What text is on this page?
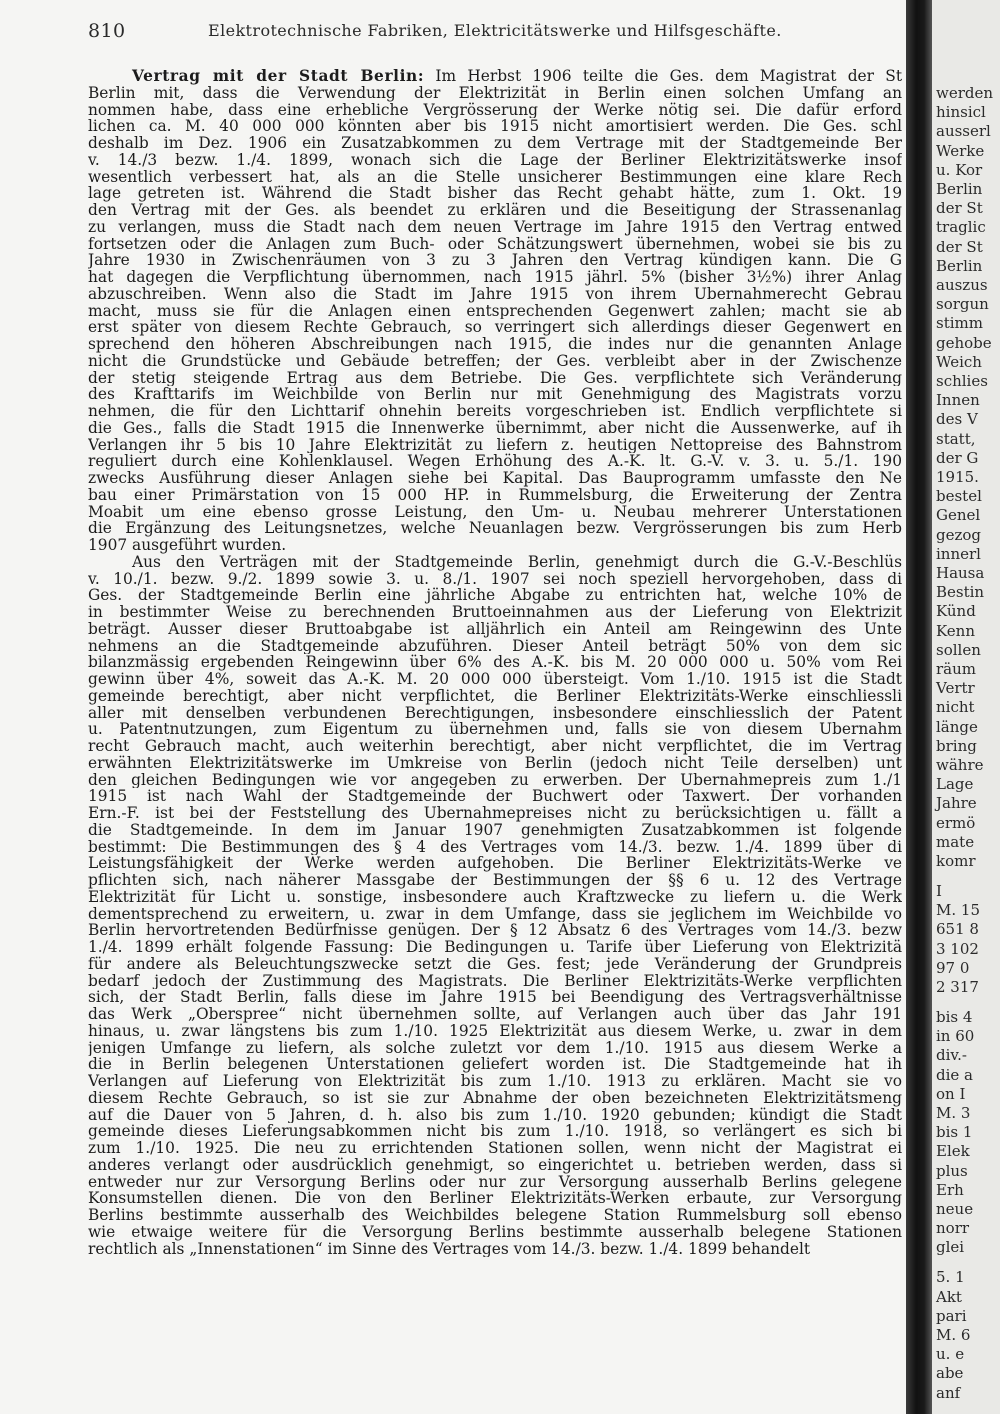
810	Elektrotechnische Fabriken, Elektricitätswerke und Hilfsgeschäfte.
Vertrag mit der Stadt Berlin: Im Herbst 1906 teilte die Ges. dem Magistrat der St
Berlin mit, dass die Verwendung der Elektrizität in Berlin einen solchen Umfang an
nommen habe, dass eine erhebliche Vergrösserung der Werke nötig sei. Die dafür erford
lichen ca. M. 40 000 000 könnten aber bis 1915 nicht amortisiert werden. Die Ges. schl
deshalb im Dez. 1906 ein Zusatzabkommen zu dem Vertrage mit der Stadtgemeinde Ber
v. 14./3 bezw. 1./4. 1899, wonach sich die Lage der Berliner Elektrizitätswerke insof
wesentlich verbessert hat, als an die Stelle unsicherer Bestimmungen eine klare Rech
lage getreten ist. Während die Stadt bisher das Recht gehabt hätte, zum 1. Okt. 19
den Vertrag mit der Ges. als beendet zu erklären und die Beseitigung der Strassenanlag
zu verlangen, muss die Stadt nach dem neuen Vertrage im Jahre 1915 den Vertrag entwed
fortsetzen oder die Anlagen zum Buch- oder Schätzungswert übernehmen, wobei sie bis zu
Jahre 1930 in Zwischenräumen von 3 zu 3 Jahren den Vertrag kündigen kann. Die G
hat dagegen die Verpflichtung übernommen, nach 1915 jährl. 5% (bisher 3½%) ihrer Anlag
abzuschreiben. Wenn also die Stadt im Jahre 1915 von ihrem Übernahmerecht Gebrau
macht, muss sie für die Anlagen einen entsprechenden Gegenwert zahlen; macht sie ab
erst später von diesem Rechte Gebrauch, so verringert sich allerdings dieser Gegenwert en
sprechend den höheren Abschreibungen nach 1915, die indes nur die genannten Anlage
nicht die Grundstücke und Gebäude betreffen; der Ges. verbleibt aber in der Zwischenze
der stetig steigende Ertrag aus dem Betriebe. Die Ges. verpflichtete sich Veränderung
des Krafttarifs im Weichbilde von Berlin nur mit Genehmigung des Magistrats vorzu
nehmen, die für den Lichttarif ohnehin bereits vorgeschrieben ist. Endlich verpflichtete si
die Ges., falls die Stadt 1915 die Innenwerke übernimmt, aber nicht die Aussenwerke, auf ih
Verlangen ihr 5 bis 10 Jahre Elektrizität zu liefern z. heutigen Nettopreise des Bahnstrom
reguliert durch eine Kohlenklausel. Wegen Erhöhung des A.-K. lt. G.-V. v. 3. u. 5./1. 190
zwecks Ausführung dieser Anlagen siehe bei Kapital. Das Bauprogramm umfasste den Ne
bau einer Primärstation von 15 000 HP. in Rummelsburg, die Erweiterung der Zentra
Moabit um eine ebenso grosse Leistung, den Um- u. Neubau mehrerer Unterstationen
die Ergänzung des Leitungsnetzes, welche Neuanlagen bezw. Vergrösserungen bis zum Herb
1907 ausgeführt wurden.
Aus den Verträgen mit der Stadtgemeinde Berlin, genehmigt durch die G.-V.-Beschlüs
v. 10./1. bezw. 9./2. 1899 sowie 3. u. 8./1. 1907 sei noch speziell hervorgehoben, dass di
Ges. der Stadtgemeinde Berlin eine jährliche Abgabe zu entrichten hat, welche 10% de
in bestimmter Weise zu berechnenden Bruttoeinnahmen aus der Lieferung von Elektrizit
beträgt. Ausser dieser Bruttoabgabe ist alljährlich ein Anteil am Reingewinn des Unte
nehmens an die Stadtgemeinde abzuführen. Dieser Anteil beträgt 50% von dem sic
bilanzmässig ergebenden Reingewinn über 6% des A.-K. bis M. 20 000 000 u. 50% vom Rei
gewinn über 4%, soweit das A.-K. M. 20 000 000 übersteigt. Vom 1./10. 1915 ist die Stadt
gemeinde berechtigt, aber nicht verpflichtet, die Berliner Elektrizitäts-Werke einschliessli
aller mit denselben verbundenen Berechtigungen, insbesondere einschliesslich der Patent
u. Patentnutzungen, zum Eigentum zu übernehmen und, falls sie von diesem Übernahm
recht Gebrauch macht, auch weiterhin berechtigt, aber nicht verpflichtet, die im Vertrag
erwähnten Elektrizitätswerke im Umkreise von Berlin (jedoch nicht Teile derselben) unt
den gleichen Bedingungen wie vor angegeben zu erwerben. Der Übernahmepreis zum 1./1
1915 ist nach Wahl der Stadtgemeinde der Buchwert oder Taxwert. Der vorhanden
Ern.-F. ist bei der Feststellung des Übernahmepreises nicht zu berücksichtigen u. fällt a
die Stadtgemeinde. In dem im Januar 1907 genehmigten Zusatzabkommen ist folgende
bestimmt: Die Bestimmungen des § 4 des Vertrages vom 14./3. bezw. 1./4. 1899 über di
Leistungsfähigkeit der Werke werden aufgehoben. Die Berliner Elektrizitäts-Werke ve
pflichten sich, nach näherer Massgabe der Bestimmungen der §§ 6 u. 12 des Vertrage
Elektrizität für Licht u. sonstige, insbesondere auch Kraftzwecke zu liefern u. die Werk
dementsprechend zu erweitern, u. zwar in dem Umfange, dass sie jeglichem im Weichbilde vo
Berlin hervortretenden Bedürfnisse genügen. Der § 12 Absatz 6 des Vertrages vom 14./3. bezw
1./4. 1899 erhält folgende Fassung: Die Bedingungen u. Tarife über Lieferung von Elektrizitä
für andere als Beleuchtungszwecke setzt die Ges. fest; jede Veränderung der Grundpreis
bedarf jedoch der Zustimmung des Magistrats. Die Berliner Elektrizitäts-Werke verpflichten
sich, der Stadt Berlin, falls diese im Jahre 1915 bei Beendigung des Vertragsverhältnisse
das Werk „Oberspree“ nicht übernehmen sollte, auf Verlangen auch über das Jahr 191
hinaus, u. zwar längstens bis zum 1./10. 1925 Elektrizität aus diesem Werke, u. zwar in dem
jenigen Umfange zu liefern, als solche zuletzt vor dem 1./10. 1915 aus diesem Werke a
die in Berlin belegenen Unterstationen geliefert worden ist. Die Stadtgemeinde hat ih
Verlangen auf Lieferung von Elektrizität bis zum 1./10. 1913 zu erklären. Macht sie vo
diesem Rechte Gebrauch, so ist sie zur Abnahme der oben bezeichneten Elektrizitätsmeng
auf die Dauer von 5 Jahren, d. h. also bis zum 1./10. 1920 gebunden; kündigt die Stadt
gemeinde dieses Lieferungsabkommen nicht bis zum 1./10. 1918, so verlängert es sich bi
zum 1./10. 1925. Die neu zu errichtenden Stationen sollen, wenn nicht der Magistrat ei
anderes verlangt oder ausdrücklich genehmigt, so eingerichtet u. betrieben werden, dass si
entweder nur zur Versorgung Berlins oder nur zur Versorgung ausserhalb Berlins gelegene
Konsumstellen dienen. Die von den Berliner Elektrizitäts-Werken erbaute, zur Versorgung
Berlins bestimmte ausserhalb des Weichbildes belegene Station Rummelsburg soll ebenso
wie etwaige weitere für die Versorgung Berlins bestimmte ausserhalb belegene Stationen
rechtlich als „Innenstationen“ im Sinne des Vertrages vom 14./3. bezw. 1./4. 1899 behandelt
werden
hinsicl
ausserl
Werke
u. Kor
Berlin
der St
traglic
der St
Berlin
auszus
sorgun
stimm
gehobe
Weich
schlies
Innen
des V
statt,
der G
1915.
bestel
Genel
gezog
innerl
Hausa
Bestin
Künd
Kenn
sollen
räum
Vertr
nicht
länge
bring
währe
Lage
Jahre
ermö
mate
komr
I
M. 15
651 8
3 102
97 0
2 317
bis 4
in 60
div.-
die a
on I
M. 3
bis 1
Elek
plus
Erh
neue
norr
glei
5. 1
Akt
pari
M. 6
u. e
abe
anf
